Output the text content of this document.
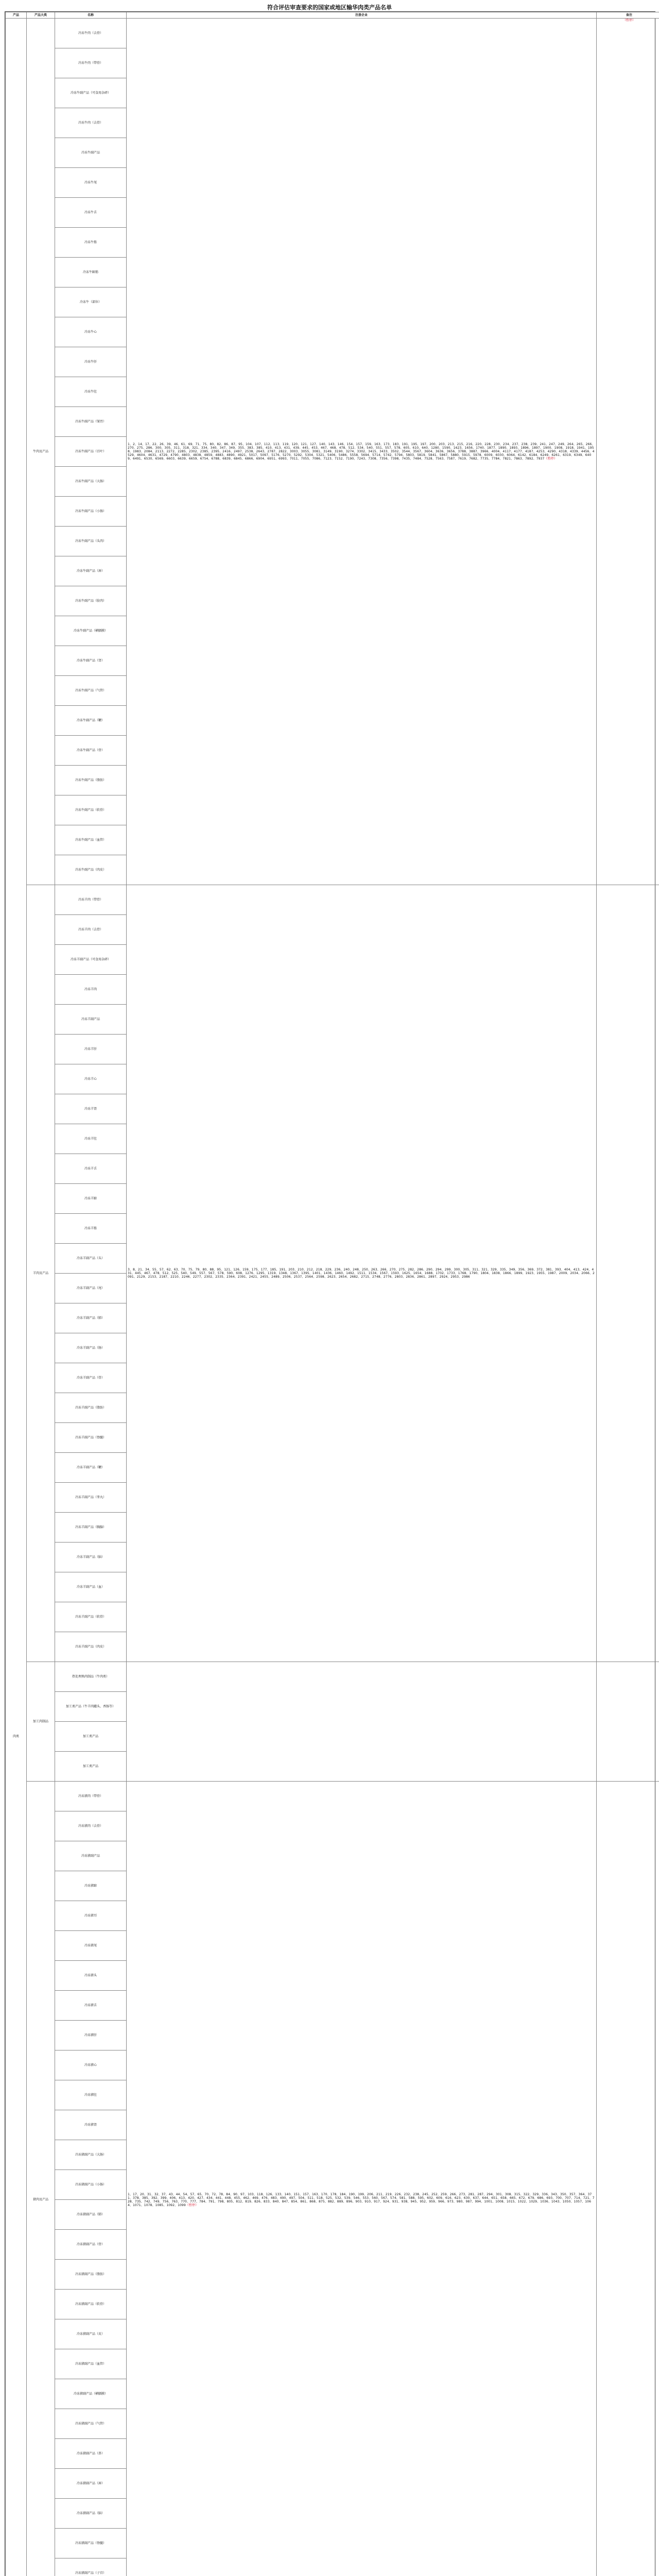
符合评估审查要求的国家或地区输华肉类产品名单
产品	产品大类	名称	注册企业	备注
肉类	牛肉及产品	冷冻牛肉（去骨）	1、2、14、17、22、26、39、46、61、69、71、75、80、82、86、87、95、104、107、112、113、119、120、121、127、140、143、146、154、157、159、163、173、183、191、195、197、200、203、213、215、216、220、228、230、234、237、238、239、241、247、249、264、265、266、270、275、286、300、305、311、318、321、334、340、347、349、355、383、385、410、413、431、439、445、453、467、468、478、512、534、540、551、557、578、605、610、640、1280、1590、1623、1656、1740、1877、1890、1893、1896、1897、1900、1908、1918、1941、1958、1983、2084、2113、2272、2285、2302、2385、2395、2416、2497、2538、2643、2787、2822、3003、3055、3081、3149、3190、3274、3302、3415、3433、3502、3544、3567、3604、3636、3656、3788、3887、3966、4004、4117、4177、4187、4253、4290、4318、4339、4456、4529、4604、4631、4729、4790、4803、4838、4859、4883、4890、4921、5017、5097、5176、5270、5292、5304、5321、5406、5486、5558、5694、5714、5742、5794、5803、5819、5841、5867、5880、5915、5978、6009、6030、6064、6142、6184、6249、6261、6319、6349、6409、6491、6530、6569、6603、6639、6659、6754、6788、6839、6845、6866、6904、6951、6993、7011、7055、7086、7123、7152、7190、7243、7308、7356、7398、7435、7484、7528、7563、7587、7619、7682、7735、7784、7821、7863、7892、7937（暂停）	（暂停）
		冷冻牛肉（带骨）		
		冷冻牛副产品（可食用杂碎）		
		冷冻牛肉（去骨）		
		冷冻牛副产品		
		冷冻牛尾		
		冷冻牛舌		
		冷冻牛筋		
		冷冻牛蹄筋		
		冷冻牛（部位）		
		冷冻牛心		
		冷冻牛肝		
		冷冻牛肚		
		冷冻牛副产品（皱胃）		
		冷冻牛副产品（百叶）		
		冷冻牛副产品（大肠）		
		冷冻牛副产品（小肠）		
		冷冻牛副产品（头肉）		
		冷冻牛副产品（唇）		
		冷冻牛副产品（脸肉）		
		冷冻牛副产品（横膈膜）		
		冷冻牛副产品（肾）		
		冷冻牛副产品（气管）		
		冷冻牛副产品（鞭）		
		冷冻牛副产品（骨）		
		冷冻牛副产品（脂肪）		
		冷冻牛副产品（软骨）		
		冷冻牛副产品（血管）		
		冷冻牛副产品（肉皮）		
	羊肉及产品	冷冻羊肉（带骨）	3、8、21、34、55、57、62、63、70、75、79、80、88、95、121、126、159、175、177、185、191、203、210、212、218、229、236、240、248、250、263、266、270、275、282、286、290、294、299、300、305、311、321、329、335、349、356、369、372、381、393、404、413、424、431、445、467、478、512、525、540、549、557、567、578、590、608、1276、1295、1319、1348、1367、1395、1401、1436、1460、1492、1511、1534、1567、1593、1625、1654、1688、1702、1733、1768、1790、1804、1838、1866、1899、1923、1955、1987、2009、2034、2066、2091、2129、2153、2187、2210、2246、2277、2302、2335、2364、2391、2421、2455、2489、2506、2537、2564、2598、2623、2654、2682、2715、2748、2776、2803、2836、2861、2897、2924、2953、2986	

		冷冻羊肉（去骨）		
		冷冻羊副产品（可食用杂碎）		
		冷冻羊肉		
		冷冻羊副产品		
		冷冻羊肝		
		冷冻羊心		
		冷冻羊肾		
		冷冻羊肚		
		冷冻羊舌		
		冷冻羊蹄		
		冷冻羊筋		
		冷冻羊副产品（头）		
		冷冻羊副产品（尾）		
		冷冻羊副产品（肺）		
		冷冻羊副产品（肠）		
		冷冻羊副产品（骨）		
		冷冻羊副产品（脂肪）		
		冷冻羊副产品（脊髓）		
		冷冻羊副产品（鞭）		
		冷冻羊副产品（睾丸）		
		冷冻羊副产品（胸腺）		
		冷冻羊副产品（脑）		
		冷冻羊副产品（血）		
		冷冻羊副产品（软骨）		
		冷冻羊副产品（肉皮）		
	加工肉制品	热处理熟肉制品（牛肉类）	

		加工类产品（牛羊肉罐头、香肠等）		
		加工类产品		
		加工类产品		
	猪肉及产品	冷冻猪肉（带骨）	1、17、20、31、32、37、43、44、54、57、65、70、72、78、84、90、97、103、118、126、133、140、151、157、163、170、178、184、190、199、206、211、219、226、232、238、245、252、259、266、273、281、287、294、301、308、315、322、329、336、343、350、357、364、371、378、385、392、399、406、413、420、427、434、441、448、455、462、469、476、483、490、497、504、511、518、525、532、539、546、553、560、567、574、581、588、595、602、609、616、623、630、637、644、651、658、665、672、679、686、693、700、707、714、721、728、735、742、749、756、763、770、777、784、791、798、805、812、819、826、833、840、847、854、861、868、875、882、889、896、903、910、917、924、931、938、945、952、959、966、973、980、987、994、1001、1008、1015、1022、1029、1036、1043、1050、1057、1064、1071、1078、1085、1092、1099（暂停）	

		冷冻猪肉（去骨）		
		冷冻猪副产品		
		冷冻猪蹄		
		冷冻猪耳		
		冷冻猪尾		
		冷冻猪头		
		冷冻猪舌		
		冷冻猪肝		
		冷冻猪心		
		冷冻猪肚		
		冷冻猪肾		
		冷冻猪副产品（大肠）		
		冷冻猪副产品（小肠）		
		冷冻猪副产品（肺）		
		冷冻猪副产品（骨）		
		冷冻猪副产品（脂肪）		
		冷冻猪副产品（软骨）		
		冷冻猪副产品（皮）		
		冷冻猪副产品（血管）		
		冷冻猪副产品（横膈膜）		
		冷冻猪副产品（气管）		
		冷冻猪副产品（鼻）		
		冷冻猪副产品（唇）		
		冷冻猪副产品（脑）		
		冷冻猪副产品（脊髓）		
		冷冻猪副产品（子宫）		
